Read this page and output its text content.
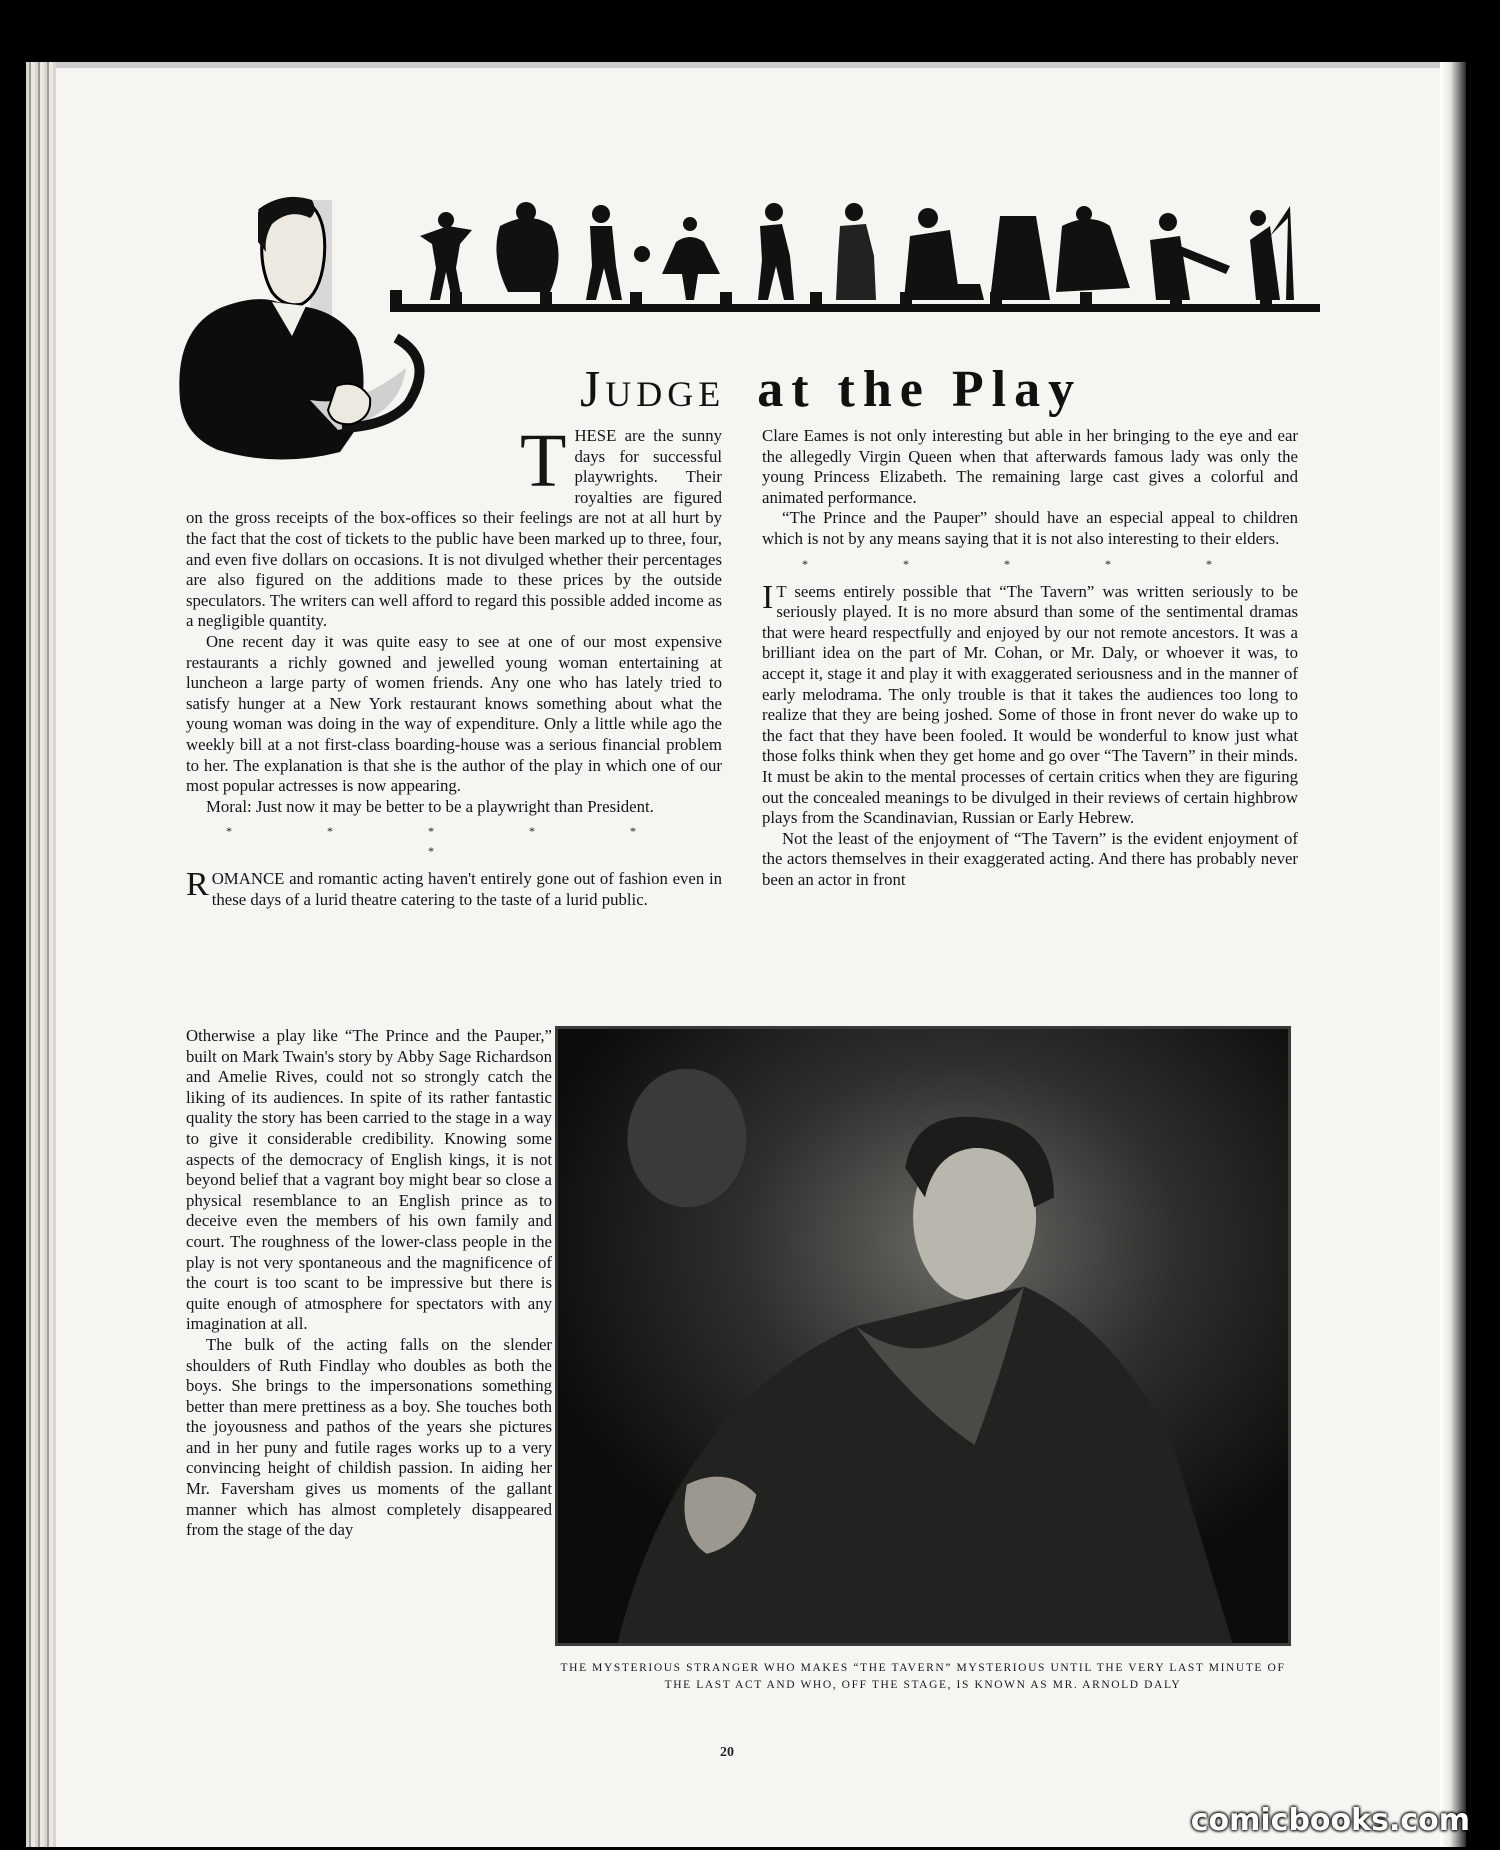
Judge at the Play

T HESE are the sunny days for successful playwrights. Their royalties are figured on the gross receipts of the box-offices so their feelings are not at all hurt by the fact that the cost of tickets to the public have been marked up to three, four, and even five dollars on occasions. It is not divulged whether their percentages are also figured on the additions made to these prices by the outside speculators. The writers can well afford to regard this possible added income as a negligible quantity.

One recent day it was quite easy to see at one of our most expensive restaurants a richly gowned and jewelled young woman entertaining at luncheon a large party of women friends. Any one who has lately tried to satisfy hunger at a New York restaurant knows something about what the young woman was doing in the way of expenditure. Only a little while ago the weekly bill at a not first-class boarding-house was a serious financial problem to her. The explanation is that she is the author of the play in which one of our most popular actresses is now appearing.

Moral: Just now it may be better to be a playwright than President.

* * * * * *

R OMANCE and romantic acting haven't entirely gone out of fashion even in these days of a lurid theatre catering to the taste of a lurid public.

Otherwise a play like “The Prince and the Pauper,” built on Mark Twain's story by Abby Sage Richardson and Amelie Rives, could not so strongly catch the liking of its audiences. In spite of its rather fantastic quality the story has been carried to the stage in a way to give it considerable credibility. Knowing some aspects of the democracy of English kings, it is not beyond belief that a vagrant boy might bear so close a physical resemblance to an English prince as to deceive even the members of his own family and court. The roughness of the lower-class people in the play is not very spontaneous and the magnificence of the court is too scant to be impressive but there is quite enough of atmosphere for spectators with any imagination at all.

The bulk of the acting falls on the slender shoulders of Ruth Findlay who doubles as both the boys. She brings to the impersonations something better than mere prettiness as a boy. She touches both the joyousness and pathos of the years she pictures and in her puny and futile rages works up to a very convincing height of childish passion. In aiding her Mr. Faversham gives us moments of the gallant manner which has almost completely disappeared from the stage of the day

Clare Eames is not only interesting but able in her bringing to the eye and ear the allegedly Virgin Queen when that afterwards famous lady was only the young Princess Elizabeth. The remaining large cast gives a colorful and animated performance.

“The Prince and the Pauper” should have an especial appeal to children which is not by any means saying that it is not also interesting to their elders.

* * * * *

I T seems entirely possible that “The Tavern” was written seriously to be seriously played. It is no more absurd than some of the sentimental dramas that were heard respectfully and enjoyed by our not remote ancestors. It was a brilliant idea on the part of Mr. Cohan, or Mr. Daly, or whoever it was, to accept it, stage it and play it with exaggerated seriousness and in the manner of early melodrama. The only trouble is that it takes the audiences too long to realize that they are being joshed. Some of those in front never do wake up to the fact that they have been fooled. It would be wonderful to know just what those folks think when they get home and go over “The Tavern” in their minds. It must be akin to the mental processes of certain critics when they are figuring out the concealed meanings to be divulged in their reviews of certain highbrow plays from the Scandinavian, Russian or Early Hebrew.

Not the least of the enjoyment of “The Tavern” is the evident enjoyment of the actors themselves in their exaggerated acting. And there has probably never been an actor in front

THE MYSTERIOUS STRANGER WHO MAKES “THE TAVERN” MYSTERIOUS UNTIL THE VERY LAST MINUTE OF THE LAST ACT AND WHO, OFF THE STAGE, IS KNOWN AS MR. ARNOLD DALY
20
comicbooks.com
